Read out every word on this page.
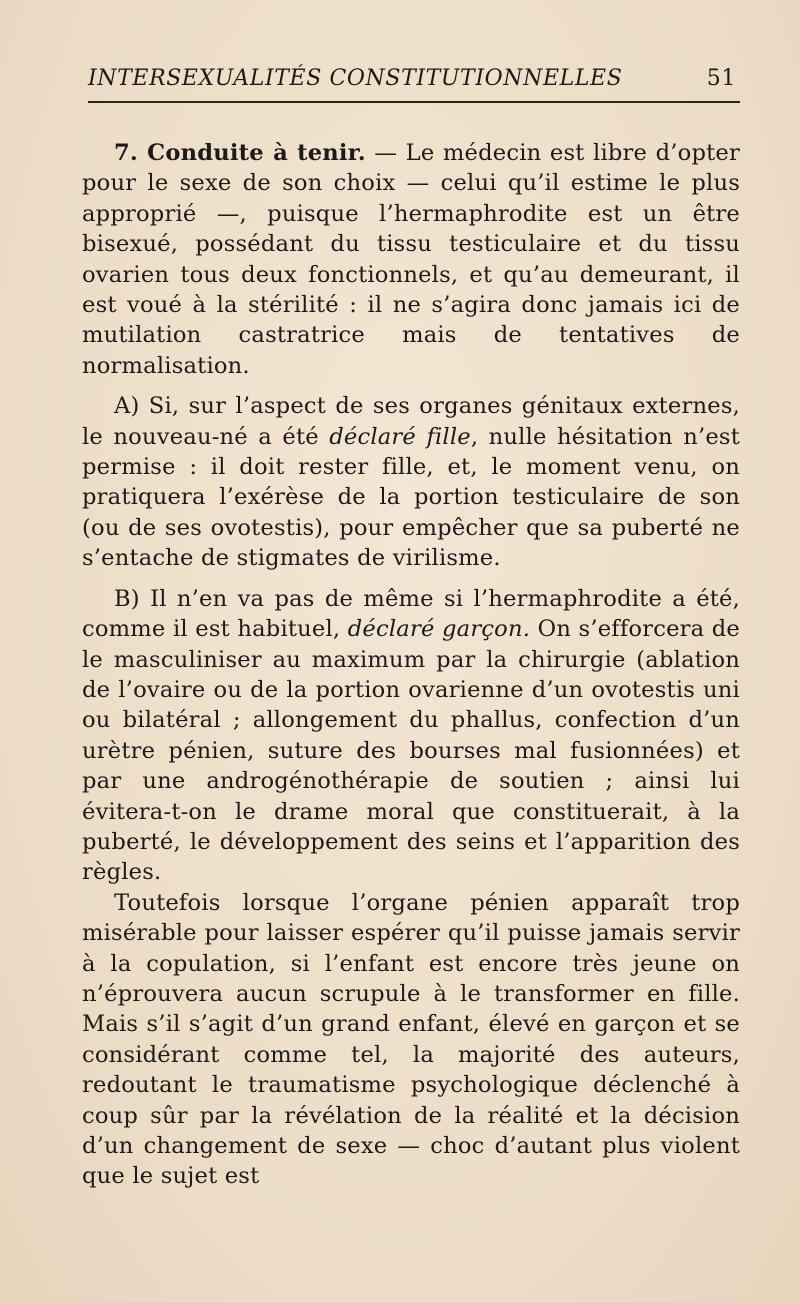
INTERSEXUALITÉS CONSTITUTIONNELLES	51

7. Conduite à tenir. — Le médecin est libre d’opter pour le sexe de son choix — celui qu’il estime le plus approprié —, puisque l’hermaphrodite est un être bisexué, possédant du tissu testiculaire et du tissu ovarien tous deux fonctionnels, et qu’au demeurant, il est voué à la stérilité : il ne s’agira donc jamais ici de mutilation castratrice mais de tentatives de normalisation.

A) Si, sur l’aspect de ses organes génitaux externes, le nouveau-né a été déclaré fille, nulle hésitation n’est permise : il doit rester fille, et, le moment venu, on pratiquera l’exérèse de la portion testiculaire de son (ou de ses ovotestis), pour empêcher que sa puberté ne s’entache de stigmates de virilisme.

B) Il n’en va pas de même si l’hermaphrodite a été, comme il est habituel, déclaré garçon. On s’efforcera de le masculiniser au maximum par la chirurgie (ablation de l’ovaire ou de la portion ovarienne d’un ovotestis uni ou bilatéral ; allongement du phallus, confection d’un urètre pénien, suture des bourses mal fusionnées) et par une androgénothérapie de soutien ; ainsi lui évitera-t-on le drame moral que constituerait, à la puberté, le développement des seins et l’apparition des règles.

Toutefois lorsque l’organe pénien apparaît trop misérable pour laisser espérer qu’il puisse jamais servir à la copulation, si l’enfant est encore très jeune on n’éprouvera aucun scrupule à le transformer en fille. Mais s’il s’agit d’un grand enfant, élevé en garçon et se considérant comme tel, la majorité des auteurs, redoutant le traumatisme psychologique déclenché à coup sûr par la révélation de la réalité et la décision d’un changement de sexe — choc d’autant plus violent que le sujet est
